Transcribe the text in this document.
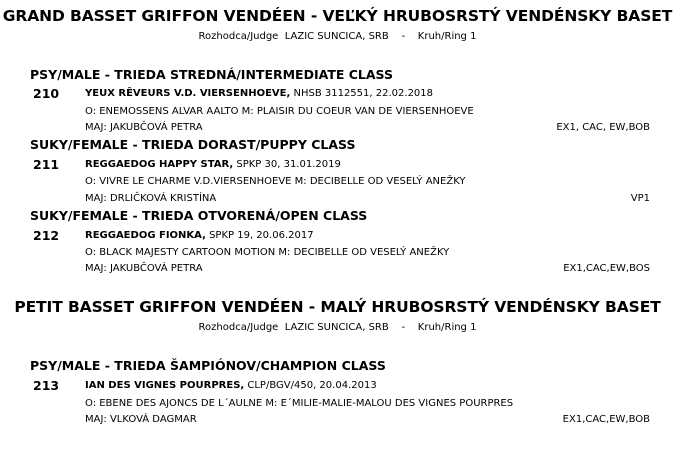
GRAND BASSET GRIFFON VENDÉEN - VEĽKÝ HRUBOSRSTÝ VENDÉNSKY BASET
Rozhodca/Judge LAZIC SUNCICA, SRB - Kruh/Ring 1
PSY/MALE - TRIEDA STREDNÁ/INTERMEDIATE CLASS
210	YEUX RÊVEURS V.D. VIERSENHOEVE, NHSB 3112551, 22.02.2018
O: ENEMOSSENS ALVAR AALTO M: PLAISIR DU COEUR VAN DE VIERSENHOEVE
MAJ: JAKUBČOVÁ PETRA	EX1, CAC, EW,BOB
SUKY/FEMALE - TRIEDA DORAST/PUPPY CLASS
211	REGGAEDOG HAPPY STAR, SPKP 30, 31.01.2019
O: VIVRE LE CHARME V.D.VIERSENHOEVE M: DECIBELLE OD VESELÝ ANEŽKY
MAJ: DRLIČKOVÁ KRISTÍNA	VP1
SUKY/FEMALE - TRIEDA OTVORENÁ/OPEN CLASS
212	REGGAEDOG FIONKA, SPKP 19, 20.06.2017
O: BLACK MAJESTY CARTOON MOTION M: DECIBELLE OD VESELÝ ANEŽKY
MAJ: JAKUBČOVÁ PETRA	EX1,CAC,EW,BOS
PETIT BASSET GRIFFON VENDÉEN - MALÝ HRUBOSRSTÝ VENDÉNSKY BASET
Rozhodca/Judge LAZIC SUNCICA, SRB - Kruh/Ring 1
PSY/MALE - TRIEDA ŠAMPIÓNOV/CHAMPION CLASS
213	IAN DES VIGNES POURPRES, CLP/BGV/450, 20.04.2013
O: EBENE DES AJONCS DE L´AULNE M: E´MILIE-MALIE-MALOU DES VIGNES POURPRES
MAJ: VLKOVÁ DAGMAR	EX1,CAC,EW,BOB
